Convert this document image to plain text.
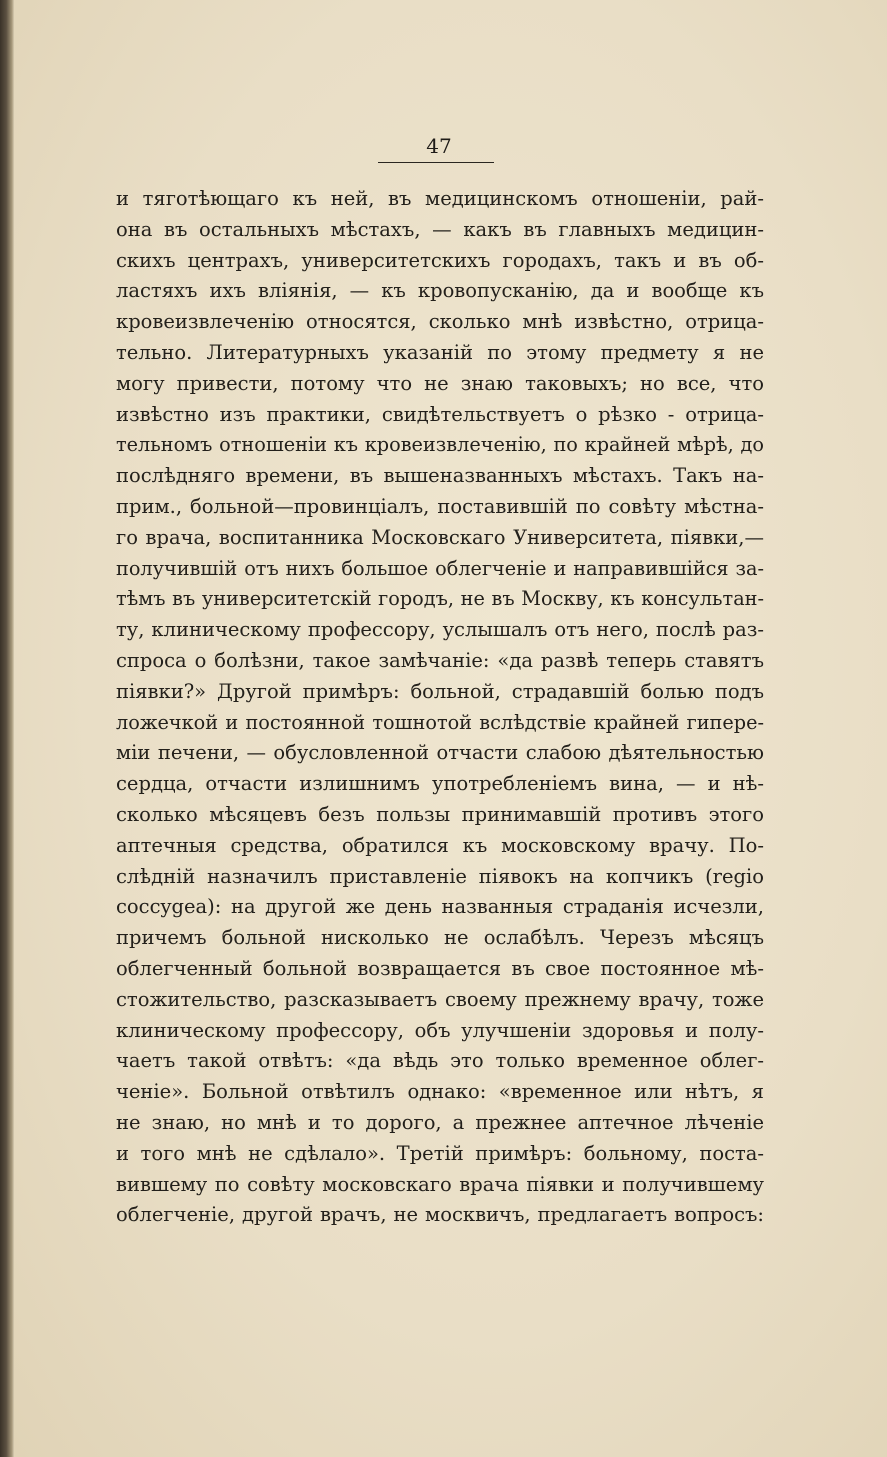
47
и тяготѣющаго къ ней, въ медицинскомъ отношеніи, рай-
она въ остальныхъ мѣстахъ, — какъ въ главныхъ медицин-
скихъ центрахъ, университетскихъ городахъ, такъ и въ об-
ластяхъ ихъ вліянія, — къ кровопусканію, да и вообще къ
кровеизвлеченію относятся, сколько мнѣ извѣстно, отрица-
тельно. Литературныхъ указаній по этому предмету я не
могу привести, потому что не знаю таковыхъ; но все, что
извѣстно изъ практики, свидѣтельствуетъ о рѣзко - отрица-
тельномъ отношеніи къ кровеизвлеченію, по крайней мѣрѣ, до
послѣдняго времени, въ вышеназванныхъ мѣстахъ. Такъ на-
прим., больной—провинціалъ, поставившій по совѣту мѣстна-
го врача, воспитанника Московскаго Университета, піявки,—
получившій отъ нихъ большое облегченіе и направившійся за-
тѣмъ въ университетскій городъ, не въ Москву, къ консультан-
ту, клиническому профессору, услышалъ отъ него, послѣ раз-
спроса о болѣзни, такое замѣчаніе: «да развѣ теперь ставятъ
піявки?» Другой примѣръ: больной, страдавшій болью подъ
ложечкой и постоянной тошнотой вслѣдствіе крайней гипере-
міи печени, — обусловленной отчасти слабою дѣятельностью
сердца, отчасти излишнимъ употребленіемъ вина, — и нѣ-
сколько мѣсяцевъ безъ пользы принимавшій противъ этого
аптечныя средства, обратился къ московскому врачу. По-
слѣдній назначилъ приставленіе піявокъ на копчикъ (regio
coccygea): на другой же день названныя страданія исчезли,
причемъ больной нисколько не ослабѣлъ. Черезъ мѣсяцъ
облегченный больной возвращается въ свое постоянное мѣ-
стожительство, разсказываетъ своему прежнему врачу, тоже
клиническому профессору, объ улучшеніи здоровья и полу-
чаетъ такой отвѣтъ: «да вѣдь это только временное облег-
ченіе». Больной отвѣтилъ однако: «временное или нѣтъ, я
не знаю, но мнѣ и то дорого, а прежнее аптечное лѣченіе
и того мнѣ не сдѣлало». Третій примѣръ: больному, поста-
вившему по совѣту московскаго врача піявки и получившему
облегченіе, другой врачъ, не москвичъ, предлагаетъ вопросъ:
